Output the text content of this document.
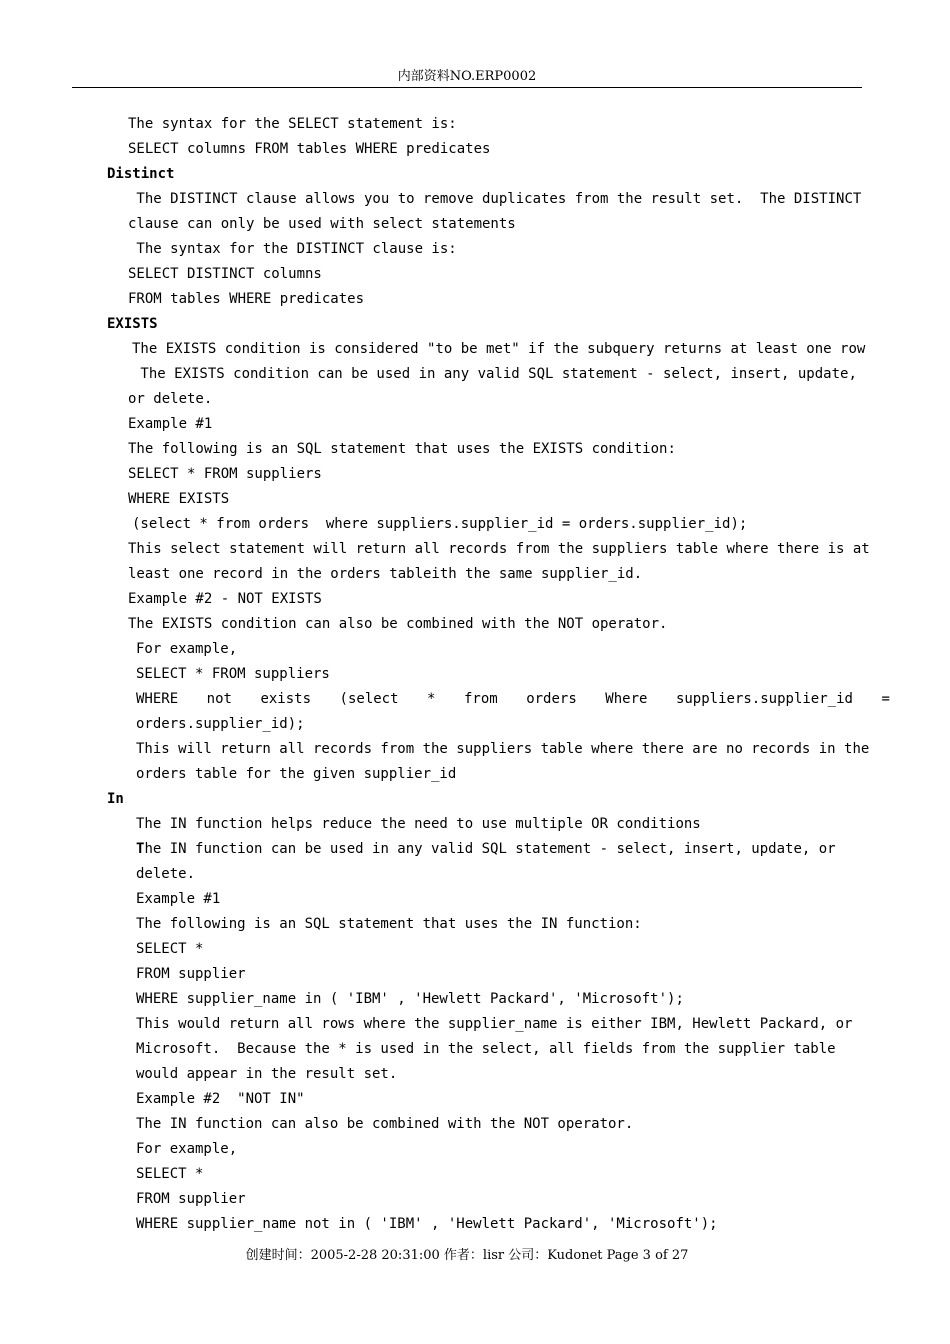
内部资料NO.ERP0002
The syntax for the SELECT statement is:
SELECT columns FROM tables WHERE predicates
Distinct
The DISTINCT clause allows you to remove duplicates from the result set.  The DISTINCT
clause can only be used with select statements
The syntax for the DISTINCT clause is:
SELECT DISTINCT columns
FROM tables WHERE predicates
EXISTS
The EXISTS condition is considered "to be met" if the subquery returns at least one row
The EXISTS condition can be used in any valid SQL statement - select, insert, update,
or delete.
Example #1
The following is an SQL statement that uses the EXISTS condition:
SELECT * FROM suppliers
WHERE EXISTS
(select * from orders  where suppliers.supplier_id = orders.supplier_id);
This select statement will return all records from the suppliers table where there is at
least one record in the orders tableith the same supplier_id.
Example #2 - NOT EXISTS
The EXISTS condition can also be combined with the NOT operator.
For example,
SELECT * FROM suppliers
WHERE not exists (select * from orders Where suppliers.supplier_id =
orders.supplier_id);
This will return all records from the suppliers table where there are no records in the
orders table for the given supplier_id
In
The IN function helps reduce the need to use multiple OR conditions
The IN function can be used in any valid SQL statement - select, insert, update, or
delete.
Example #1
The following is an SQL statement that uses the IN function:
SELECT *
FROM supplier
WHERE supplier_name in ( 'IBM' , 'Hewlett Packard', 'Microsoft');
This would return all rows where the supplier_name is either IBM, Hewlett Packard, or
Microsoft.  Because the * is used in the select, all fields from the supplier table
would appear in the result set.
Example #2  "NOT IN"
The IN function can also be combined with the NOT operator.
For example,
SELECT *
FROM supplier
WHERE supplier_name not in ( 'IBM' , 'Hewlett Packard', 'Microsoft');
创建时间：2005-2-28 20:31:00 作者：lisr 公司：Kudonet Page 3 of 27
